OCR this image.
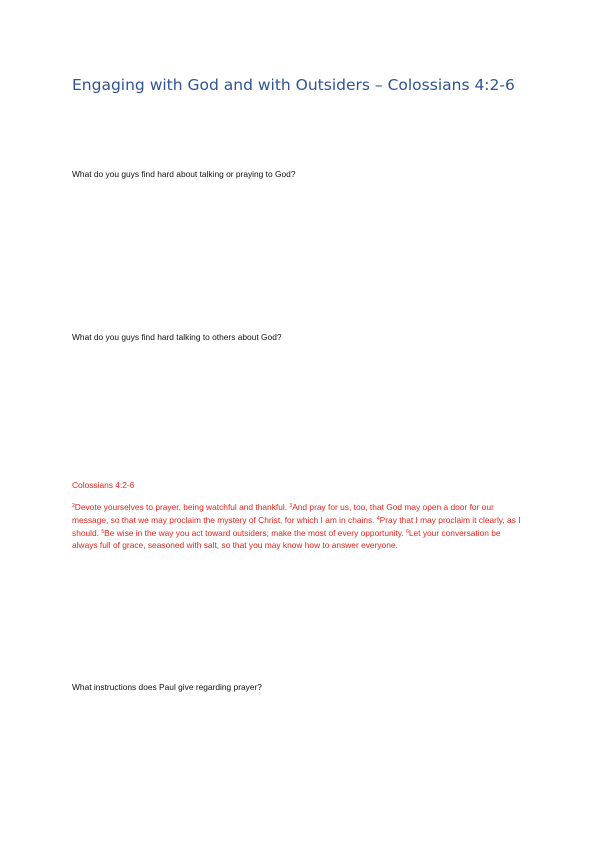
Engaging with God and with Outsiders – Colossians 4:2-6

What do you guys find hard about talking or praying to God?

What do you guys find hard talking to others about God?

Colossians 4:2-6

$^2$Devote yourselves to prayer, being watchful and thankful. $^3$And pray for us, too, that God may open a door for our message, so that we may proclaim the mystery of Christ, for which I am in chains. $^4$Pray that I may proclaim it clearly, as I should. $^5$Be wise in the way you act toward outsiders; make the most of every opportunity. $^6$Let your conversation be always full of grace, seasoned with salt, so that you may know how to answer everyone.

What instructions does Paul give regarding prayer?
